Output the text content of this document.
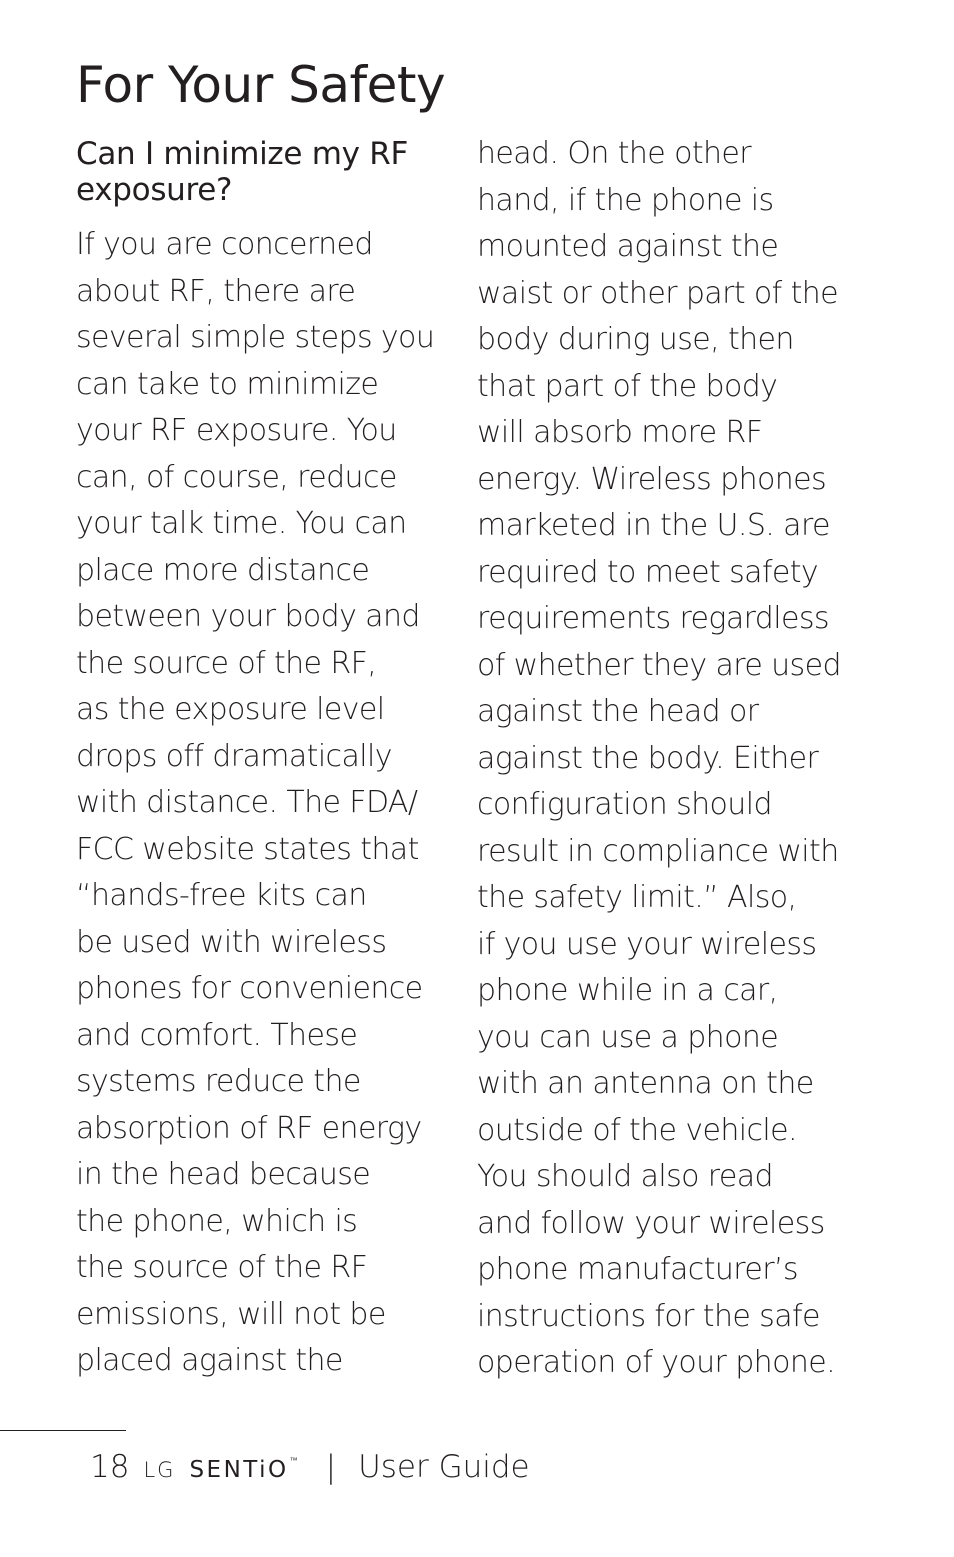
For Your Safety
Can I minimize my RF
exposure?
If you are concerned
about RF, there are
several simple steps you
can take to minimize
your RF exposure. You
can, of course, reduce
your talk time. You can
place more distance
between your body and
the source of the RF,
as the exposure level
drops off dramatically
with distance. The FDA/
FCC website states that
“hands-free kits can
be used with wireless
phones for convenience
and comfort. These
systems reduce the
absorption of RF energy
in the head because
the phone, which is
the source of the RF
emissions, will not be
placed against the
head. On the other
hand, if the phone is
mounted against the
waist or other part of the
body during use, then
that part of the body
will absorb more RF
energy. Wireless phones
marketed in the U.S. are
required to meet safety
requirements regardless
of whether they are used
against the head or
against the body. Either
configuration should
result in compliance with
the safety limit.” Also,
if you use your wireless
phone while in a car,
you can use a phone
with an antenna on the
outside of the vehicle.
You should also read
and follow your wireless
phone manufacturer’s
instructions for the safe
operation of your phone.
18 LG SENTiO ™ | User Guide
